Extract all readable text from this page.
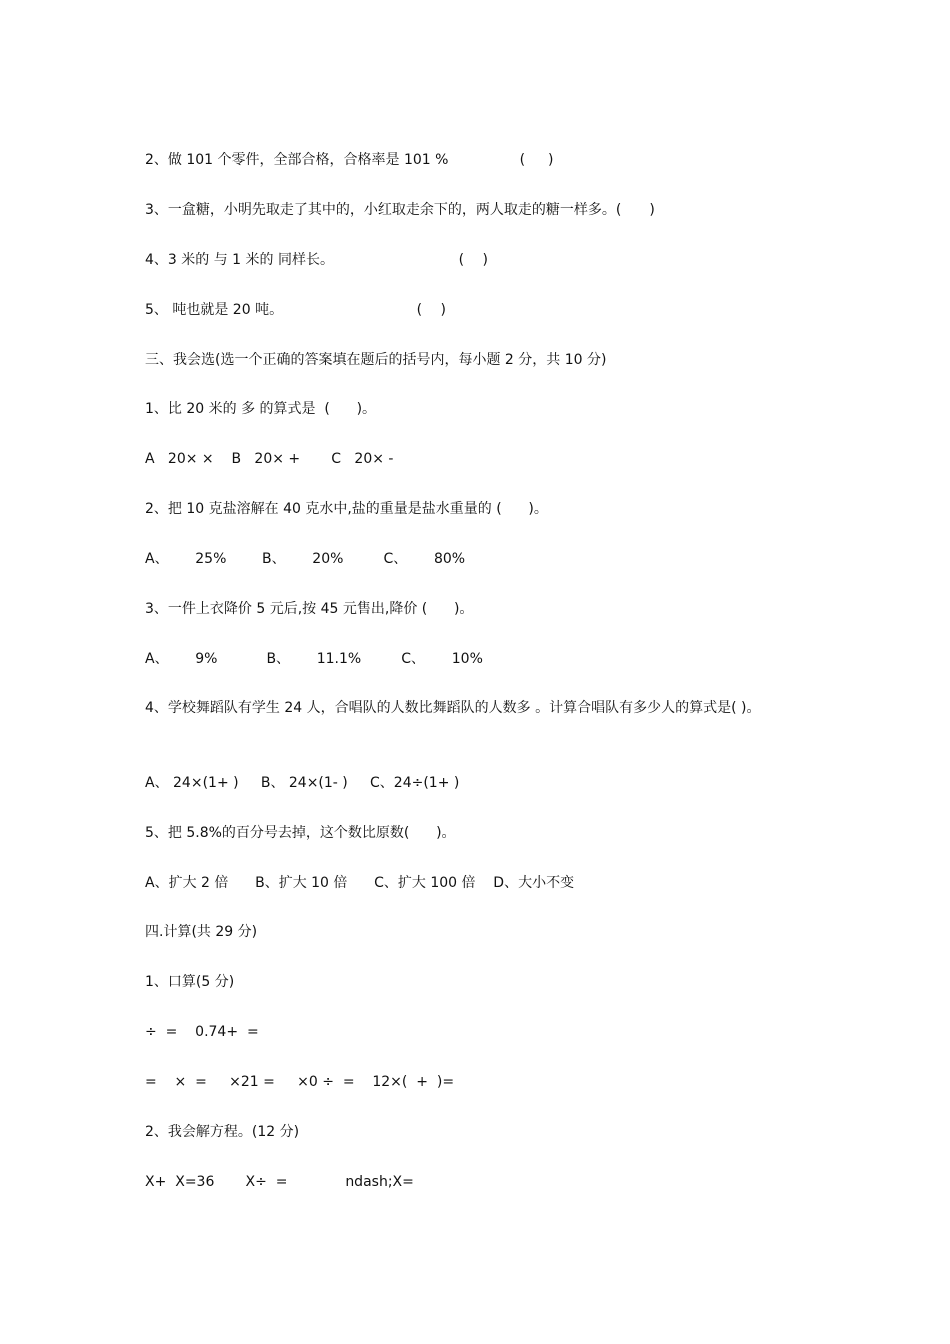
2、做 101 个零件，全部合格，合格率是 101 %                ( 　 )

3、一盒糖，小明先取走了其中的，小红取走余下的，两人取走的糖一样多。(　　)

4、3 米的 与 1 米的 同样长。                            (　 )

5、 吨也就是 20 吨。                              (　 )

三、我会选(选一个正确的答案填在题后的括号内，每小题 2 分，共 10 分)

1、比 20 米的 多 的算式是  (      )。

A   20× ×    B   20× +       C   20× -

2、把 10 克盐溶解在 40 克水中,盐的重量是盐水重量的 (      )。

A、      25%        B、      20%         C、      80%

3、一件上衣降价 5 元后,按 45 元售出,降价 (      )。

A、      9%           B、      11.1%         C、      10%

4、学校舞蹈队有学生 24 人，合唱队的人数比舞蹈队的人数多 。计算合唱队有多少人的算式是( )。

A、 24×(1+ )     B、 24×(1- )     C、24÷(1+ )

5、把 5.8%的百分号去掉，这个数比原数(      )。

A、扩大 2 倍      B、扩大 10 倍      C、扩大 100 倍    D、大小不变

四.计算(共 29 分)

1、口算(5 分)

÷  =    0.74+  =

=    ×  =     ×21 =     ×0 ÷  =    12×(  +  )=

2、我会解方程。(12 分)

X+  X=36       X÷  =             ndash;X=
